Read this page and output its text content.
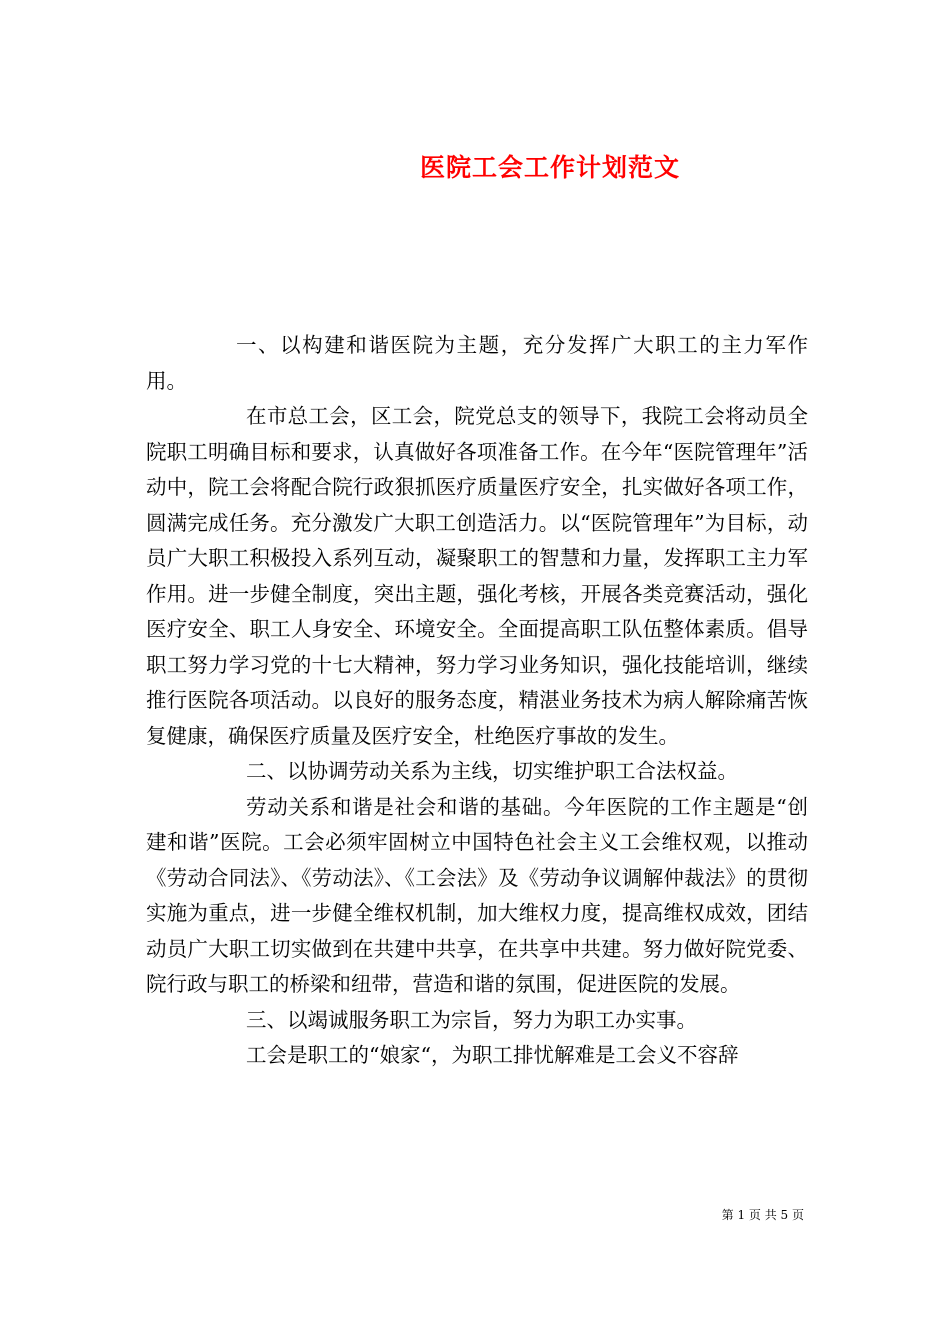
医院工会工作计划范文

一、以构建和谐医院为主题，充分发挥广大职工的主力军作用。

在市总工会，区工会，院党总支的领导下，我院工会将动员全院职工明确目标和要求，认真做好各项准备工作。在今年“医院管理年”活动中，院工会将配合院行政狠抓医疗质量医疗安全，扎实做好各项工作，圆满完成任务。充分激发广大职工创造活力。以“医院管理年”为目标，动员广大职工积极投入系列互动，凝聚职工的智慧和力量，发挥职工主力军作用。进一步健全制度，突出主题，强化考核，开展各类竞赛活动，强化医疗安全、职工人身安全、环境安全。全面提高职工队伍整体素质。倡导职工努力学习党的十七大精神，努力学习业务知识，强化技能培训，继续推行医院各项活动。以良好的服务态度，精湛业务技术为病人解除痛苦恢复健康，确保医疗质量及医疗安全，杜绝医疗事故的发生。

二、以协调劳动关系为主线，切实维护职工合法权益。

劳动关系和谐是社会和谐的基础。今年医院的工作主题是“创建和谐”医院。工会必须牢固树立中国特色社会主义工会维权观，以推动《劳动合同法》、《劳动法》、《工会法》及《劳动争议调解仲裁法》的贯彻实施为重点，进一步健全维权机制，加大维权力度，提高维权成效，团结动员广大职工切实做到在共建中共享，在共享中共建。努力做好院党委、院行政与职工的桥梁和纽带，营造和谐的氛围，促进医院的发展。

三、以竭诚服务职工为宗旨，努力为职工办实事。

工会是职工的“娘家“，为职工排忧解难是工会义不容辞

第 1 页 共 5 页
